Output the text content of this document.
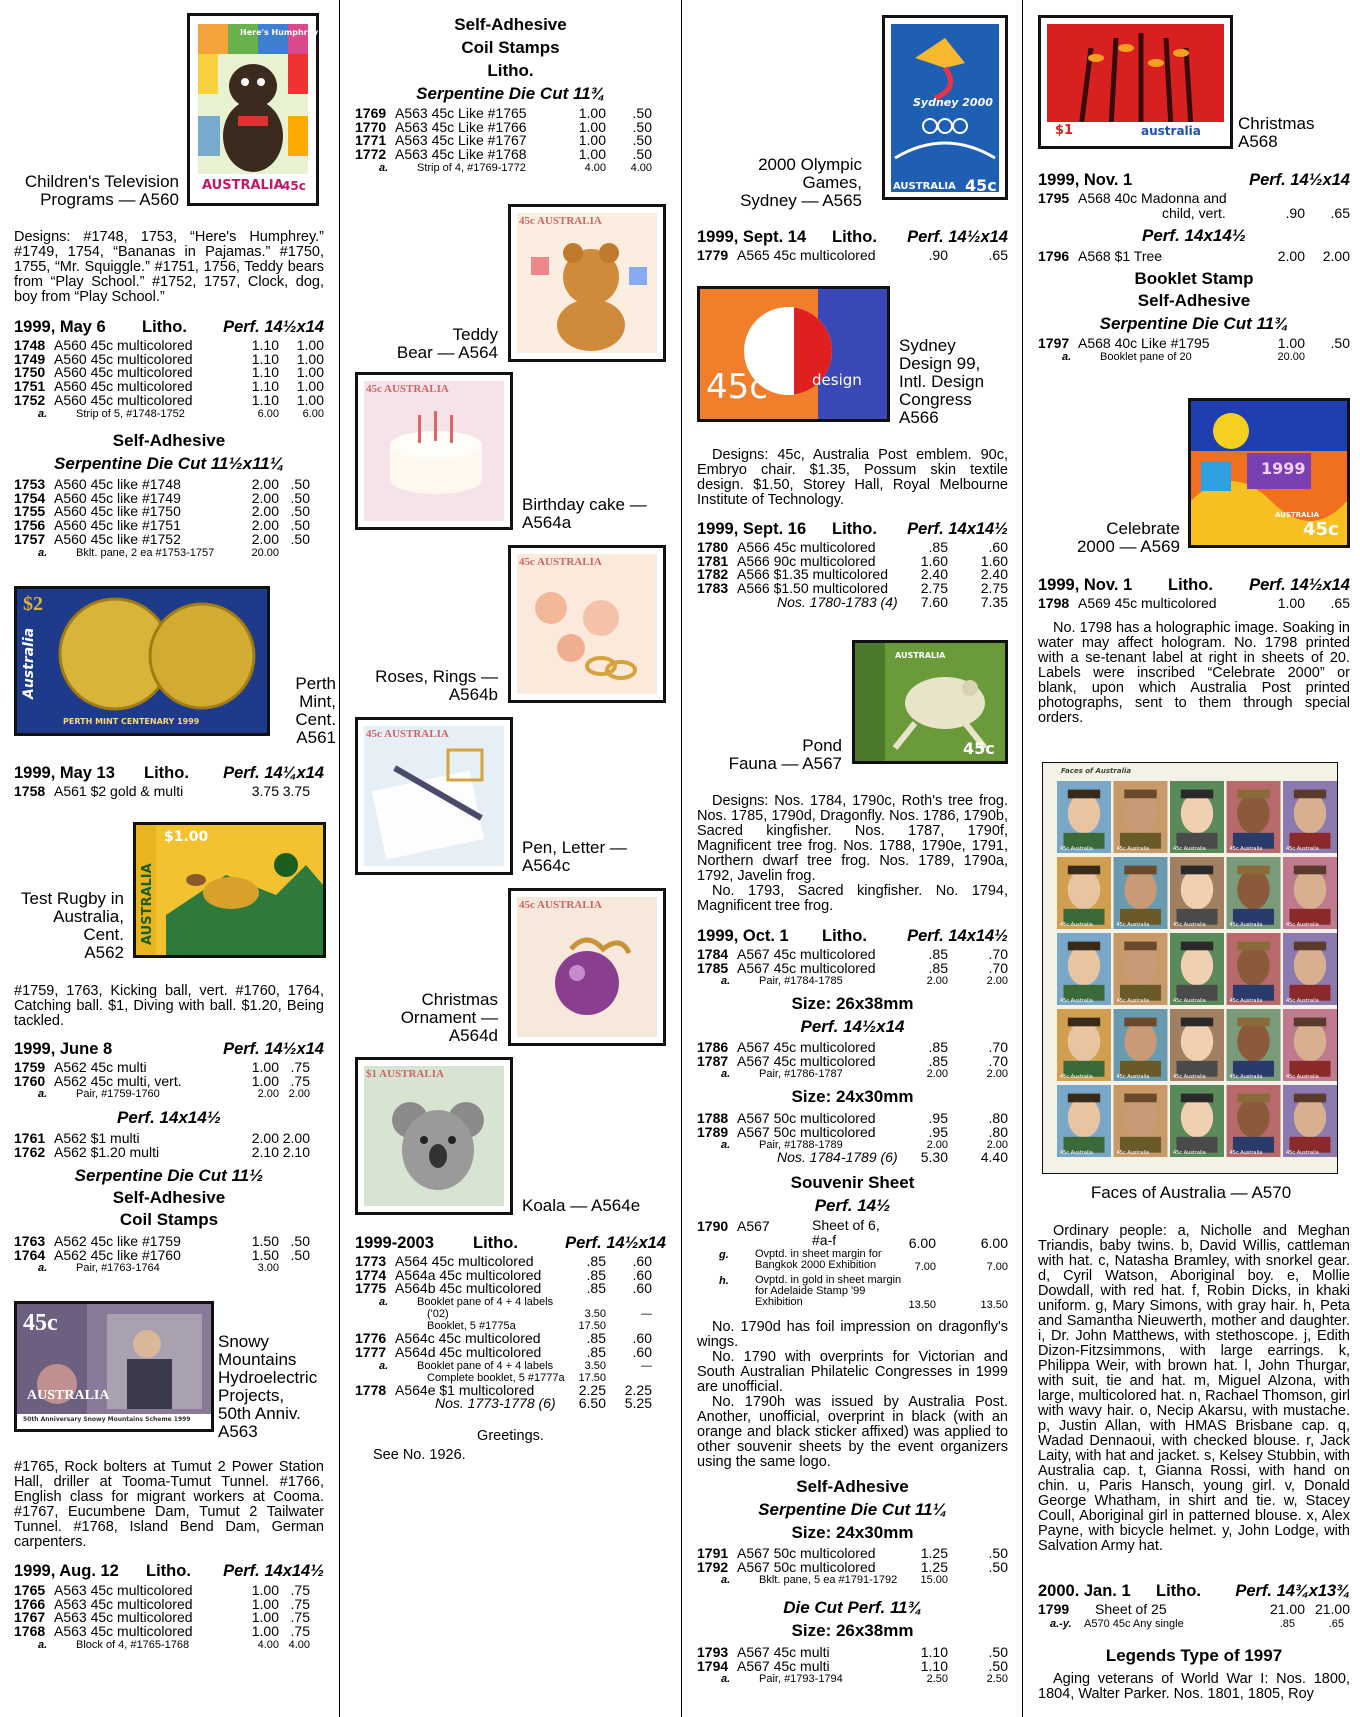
Here's Humphrey
AUSTRALIA
45c
Children's Television
Programs — A560
Designs: #1748, 1753, “Here's Humphrey.” #1749, 1754, “Bananas in Pajamas.” #1750, 1755, “Mr. Squiggle.” #1751, 1756, Teddy bears from “Play School.” #1752, 1757, Clock, dog, boy from “Play School.”
1999, May 6 Litho. Perf. 14½x14
1748 A560 45c multicolored	1.10 1.00
1749 A560 45c multicolored	1.10 1.00
1750 A560 45c multicolored	1.10 1.00
1751 A560 45c multicolored	1.10 1.00
1752 A560 45c multicolored	1.10 1.00
a.	Strip of 5, #1748-1752	6.00 6.00
Self-Adhesive
Serpentine Die Cut 11½x11¼
1753 A560 45c like #1748	2.00 .50
1754 A560 45c like #1749	2.00 .50
1755 A560 45c like #1750	2.00 .50
1756 A560 45c like #1751	2.00 .50
1757 A560 45c like #1752	2.00 .50
a.	Bklt. pane, 2 ea #1753-1757	20.00
$2
Australia
PERTH MINT CENTENARY 1999
Perth
Mint,
Cent.
A561
1999, May 13 Litho. Perf. 14¼x14
1758 A561 $2 gold & multi	3.75 3.75
$1.00
AUSTRALIA
Test Rugby in
Australia,
Cent.
A562
#1759, 1763, Kicking ball, vert. #1760, 1764, Catching ball. $1, Diving with ball. $1.20, Being tackled.
1999, June 8	Perf. 14½x14
1759 A562 45c multi	1.00 .75
1760 A562 45c multi, vert.	1.00 .75
a.	Pair, #1759-1760	2.00 2.00
Perf. 14x14½
1761 A562 $1 multi	2.00 2.00
1762 A562 $1.20 multi	2.10 2.10
Serpentine Die Cut 11½
Self-Adhesive
Coil Stamps
1763 A562 45c like #1759	1.50 .50
1764 A562 45c like #1760	1.50 .50
a.	Pair, #1763-1764	3.00
45c
AUSTRALIA
50th Anniversary Snowy Mountains Scheme 1999
Snowy
Mountains
Hydroelectric
Projects,
50th Anniv.
A563
#1765, Rock bolters at Tumut 2 Power Station Hall, driller at Tooma-Tumut Tunnel. #1766, English class for migrant workers at Cooma. #1767, Eucumbene Dam, Tumut 2 Tailwater Tunnel. #1768, Island Bend Dam, German carpenters.
1999, Aug. 12 Litho. Perf. 14x14½
1765 A563 45c multicolored	1.00 .75
1766 A563 45c multicolored	1.00 .75
1767 A563 45c multicolored	1.00 .75
1768 A563 45c multicolored	1.00 .75
a.	Block of 4, #1765-1768	4.00 4.00
Self-Adhesive
Coil Stamps
Litho.
Serpentine Die Cut 11¾
1769 A563 45c Like #1765	1.00 .50
1770 A563 45c Like #1766	1.00 .50
1771 A563 45c Like #1767	1.00 .50
1772 A563 45c Like #1768	1.00 .50
a.	Strip of 4, #1769-1772	4.00 4.00
45c AUSTRALIA
Teddy
Bear — A564
45c AUSTRALIA
Birthday cake —
A564a
45c AUSTRALIA
Roses, Rings —
A564b
45c AUSTRALIA
Pen, Letter —
A564c
45c AUSTRALIA
Christmas
Ornament —
A564d
$1 AUSTRALIA
Koala — A564e
1999-2003 Litho.	Perf. 14½x14
1773 A564 45c multicolored	.85 .60
1774 A564a 45c multicolored	.85 .60
1775 A564b 45c multicolored	.85 .60
a.	Booklet pane of 4 + 4 labels
('02)	3.50	—
Booklet, 5 #1775a	17.50
1776 A564c 45c multicolored	.85 .60
1777 A564d 45c multicolored	.85 .60
a.	Booklet pane of 4 + 4 labels	3.50	—
Complete booklet, 5 #1777a 17.50
1778 A564e $1 multicolored	2.25 2.25
Nos. 1773-1778 (6) 6.50 5.25
Greetings.
See No. 1926.
Sydney 2000
AUSTRALIA 45c
2000 Olympic
Games,
Sydney — A565
1999, Sept. 14 Litho. Perf. 14½x14
1779 A565 45c multicolored	.90	.65
45c	design
Sydney
Design 99,
Intl. Design
Congress
A566
Designs: 45c, Australia Post emblem. 90c, Embryo chair. $1.35, Possum skin textile design. $1.50, Storey Hall, Royal Melbourne Institute of Technology.
1999, Sept. 16 Litho. Perf. 14x14½
1780 A566 45c multicolored	.85	.60
1781 A566 90c multicolored	1.60 1.60
1782 A566 $1.35 multicolored 2.40 2.40
1783 A566 $1.50 multicolored 2.75 2.75
Nos. 1780-1783 (4) 7.60 7.35
45c
AUSTRALIA
Pond
Fauna — A567
Designs: Nos. 1784, 1790c, Roth's tree frog. Nos. 1785, 1790d, Dragonfly. Nos. 1786, 1790b, Sacred kingfisher. Nos. 1787, 1790f, Magnificent tree frog. Nos. 1788, 1790e, 1791, Northern dwarf tree frog. Nos. 1789, 1790a, 1792, Javelin frog.
No. 1793, Sacred kingfisher. No. 1794, Magnificent tree frog.
1999, Oct. 1 Litho. Perf. 14x14½
1784 A567 45c multicolored	.85	.70
1785 A567 45c multicolored	.85	.70
a.	Pair, #1784-1785	2.00	2.00
Size: 26x38mm
Perf. 14½x14
1786 A567 45c multicolored	.85	.70
1787 A567 45c multicolored	.85	.70
a.	Pair, #1786-1787	2.00	2.00
Size: 24x30mm
1788 A567 50c multicolored	.95	.80
1789 A567 50c multicolored	.95	.80
a.	Pair, #1788-1789	2.00	2.00
Nos. 1784-1789 (6) 5.30 4.40
Souvenir Sheet
Perf. 14½
1790 A567	Sheet of 6, #a-f	6.00	6.00
g. Ovptd. in sheet margin for Bangkok 2000 Exhibition	7.00	7.00
h. Ovptd. in gold in sheet margin for Adelaide Stamp '99 Exhibition	13.50	13.50
No. 1790d has foil impression on dragonfly's wings.
No. 1790 with overprints for Victorian and South Australian Philatelic Congresses in 1999 are unofficial.
No. 1790h was issued by Australia Post. Another, unofficial, overprint in black (with an orange and black sticker affixed) was applied to other souvenir sheets by the event organizers using the same logo.
Self-Adhesive
Serpentine Die Cut 11¼
Size: 24x30mm
1791 A567 50c multicolored	1.25	.50
1792 A567 50c multicolored	1.25	.50
a.	Bklt. pane, 5 ea #1791-1792 15.00
Die Cut Perf. 11¾
Size: 26x38mm
1793 A567 45c multi	1.10	.50
1794 A567 45c multi	1.10	.50
a.	Pair, #1793-1794	2.50	2.50
$1	australia Christmas
A568
1999, Nov. 1	Perf. 14½x14
1795 A568 40c Madonna and
child, vert.	.90 .65
Perf. 14x14½
1796 A568 $1 Tree	2.00 2.00
Booklet Stamp
Self-Adhesive
Serpentine Die Cut 11¾
1797 A568 40c Like #1795	1.00 .50
a.	Booklet pane of 20	20.00
1999
AUSTRALIA
45c
Celebrate
2000 — A569
1999, Nov. 1 Litho. Perf. 14½x14
1798 A569 45c multicolored	1.00 .65
No. 1798 has a holographic image. Soaking in water may affect hologram. No. 1798 printed with a se-tenant label at right in sheets of 20. Labels were inscribed “Celebrate 2000” or blank, upon which Australia Post printed photographs, sent to them through special orders.
45c Australia	45c Australia	45c Australia	45c Australia	45c Australia
45c Australia	45c Australia	45c Australia	45c Australia	45c Australia
45c Australia	45c Australia	45c Australia	45c Australia	45c Australia
45c Australia	45c Australia	45c Australia	45c Australia	45c Australia
45c Australia	45c Australia	45c Australia	45c Australia	45c Australia
Faces of Australia
Faces of Australia — A570
Ordinary people: a, Nicholle and Meghan Triandis, baby twins. b, David Willis, cattleman with hat. c, Natasha Bramley, with snorkel gear. d, Cyril Watson, Aboriginal boy. e, Mollie Dowdall, with red hat. f, Robin Dicks, in khaki uniform. g, Mary Simons, with gray hair. h, Peta and Samantha Nieuwerth, mother and daughter. i, Dr. John Matthews, with stethoscope. j, Edith Dizon-Fitzsimmons, with large earrings. k, Philippa Weir, with brown hat. l, John Thurgar, with suit, tie and hat. m, Miguel Alzona, with large, multicolored hat. n, Rachael Thomson, girl with wavy hair. o, Necip Akarsu, with mustache. p, Justin Allan, with HMAS Brisbane cap. q, Wadad Dennaoui, with checked blouse. r, Jack Laity, with hat and jacket. s, Kelsey Stubbin, with Australia cap. t, Gianna Rossi, with hand on chin. u, Paris Hansch, young girl. v, Donald George Whatham, in shirt and tie. w, Stacey Coull, Aboriginal girl in patterned blouse. x, Alex Payne, with bicycle helmet. y, John Lodge, with Salvation Army hat.
2000. Jan. 1 Litho. Perf. 14¾x13¾
1799 Sheet of 25	21.00 21.00
a.-y. A570 45c Any single	.85	.65
Legends Type of 1997
Aging veterans of World War I: Nos. 1800, 1804, Walter Parker. Nos. 1801, 1805, Roy
